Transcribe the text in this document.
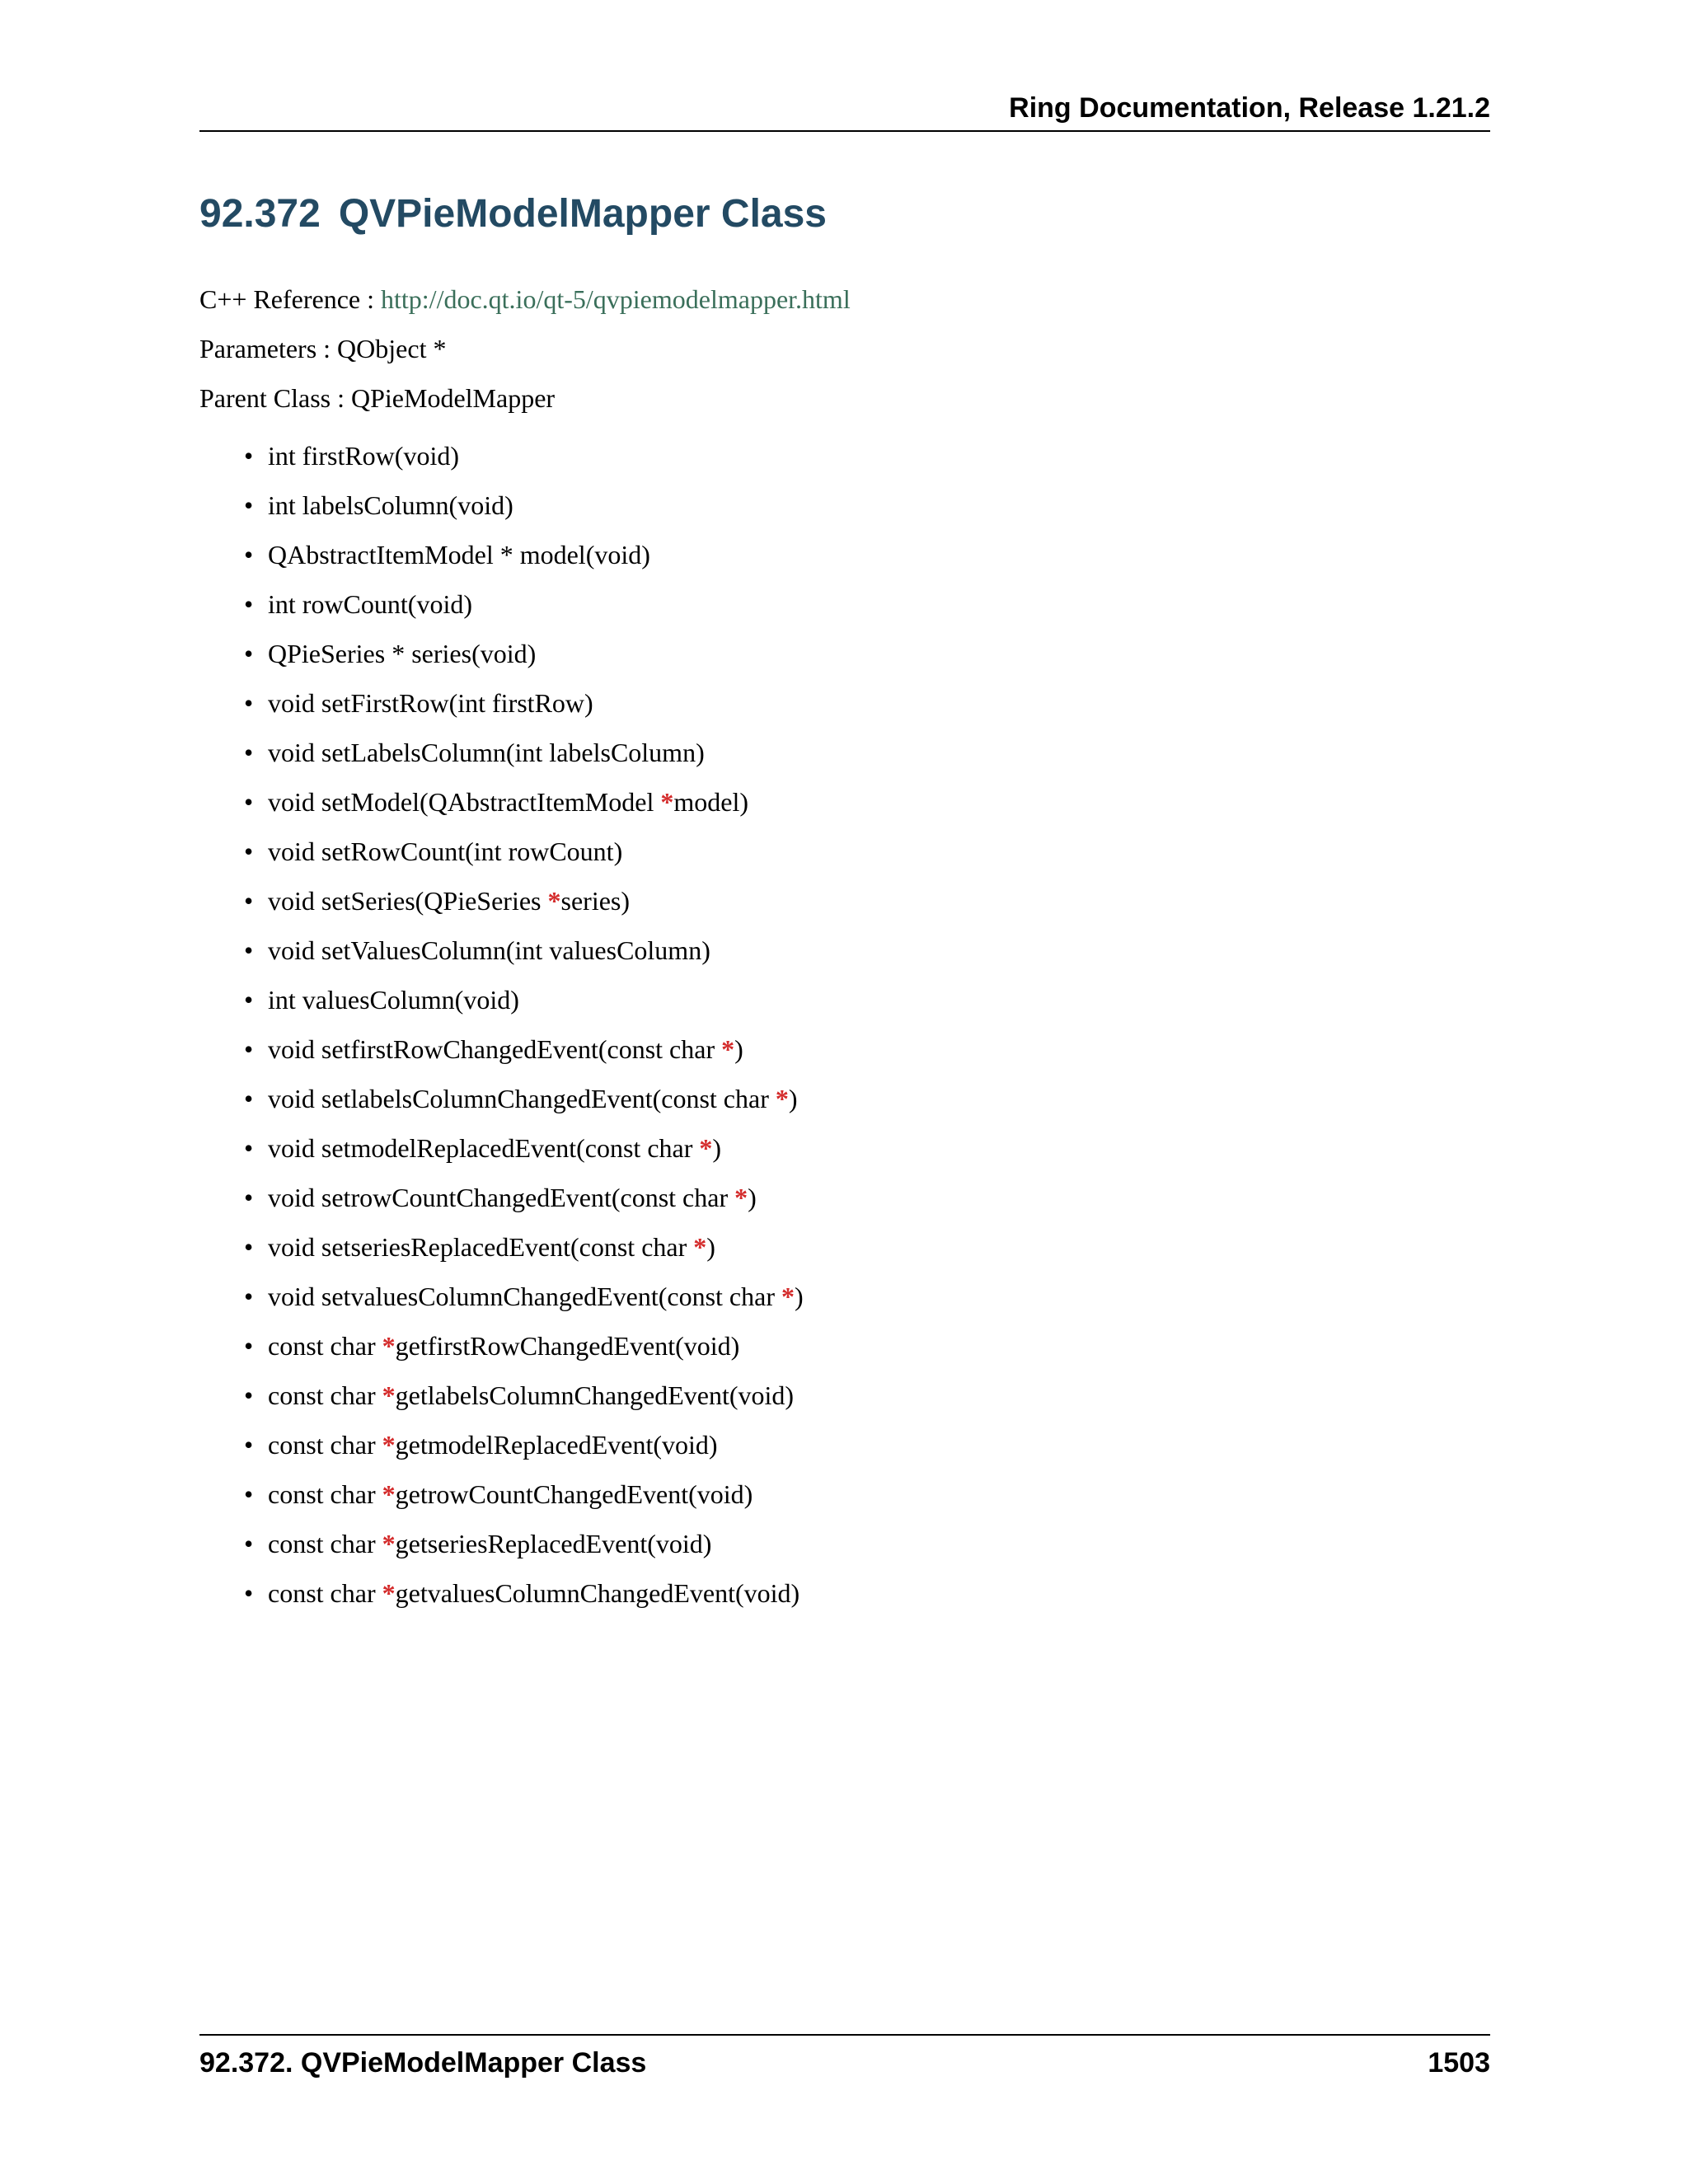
Ring Documentation, Release 1.21.2
92.372 QVPieModelMapper Class
C++ Reference : http://doc.qt.io/qt-5/qvpiemodelmapper.html
Parameters : QObject *
Parent Class : QPieModelMapper
• int firstRow(void)
• int labelsColumn(void)
• QAbstractItemModel * model(void)
• int rowCount(void)
• QPieSeries * series(void)
• void setFirstRow(int firstRow)
• void setLabelsColumn(int labelsColumn)
• void setModel(QAbstractItemModel *model)
• void setRowCount(int rowCount)
• void setSeries(QPieSeries *series)
• void setValuesColumn(int valuesColumn)
• int valuesColumn(void)
• void setfirstRowChangedEvent(const char *)
• void setlabelsColumnChangedEvent(const char *)
• void setmodelReplacedEvent(const char *)
• void setrowCountChangedEvent(const char *)
• void setseriesReplacedEvent(const char *)
• void setvaluesColumnChangedEvent(const char *)
• const char *getfirstRowChangedEvent(void)
• const char *getlabelsColumnChangedEvent(void)
• const char *getmodelReplacedEvent(void)
• const char *getrowCountChangedEvent(void)
• const char *getseriesReplacedEvent(void)
• const char *getvaluesColumnChangedEvent(void)
92.372. QVPieModelMapper Class	1503
